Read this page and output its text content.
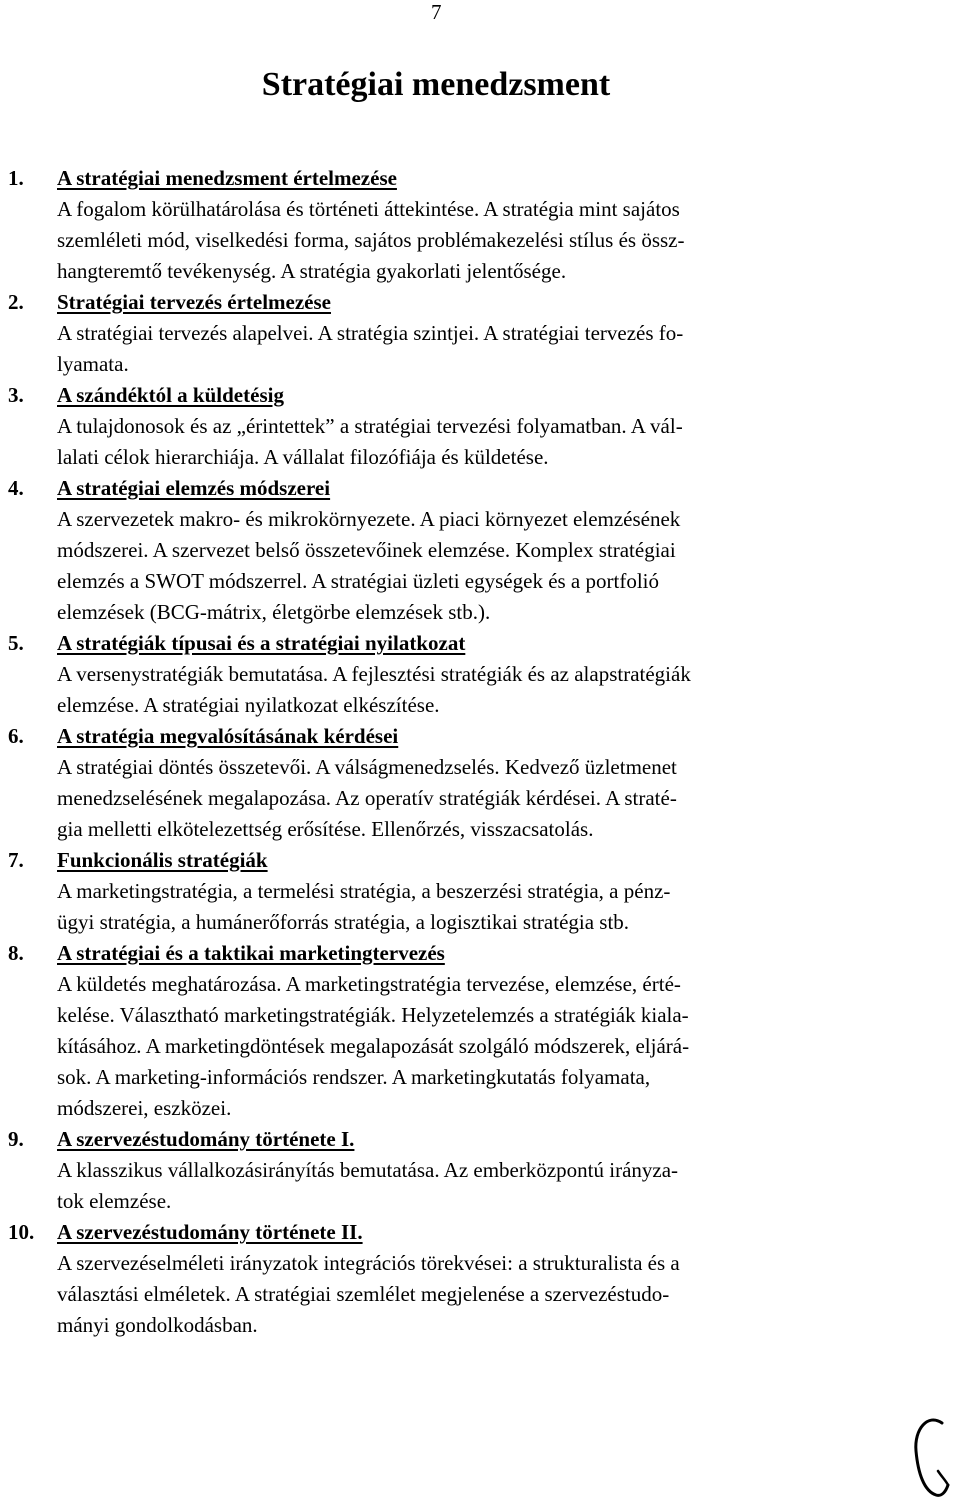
7
Stratégiai menedzsment
1. A stratégiai menedzsment értelmezése
A fogalom körülhatárolása és történeti áttekintése. A stratégia mint sajátos
szemléleti mód, viselkedési forma, sajátos problémakezelési stílus és össz-
hangteremtő tevékenység. A stratégia gyakorlati jelentősége.
2. Stratégiai tervezés értelmezése
A stratégiai tervezés alapelvei. A stratégia szintjei. A stratégiai tervezés fo-
lyamata.
3. A szándéktól a küldetésig
A tulajdonosok és az „érintettek” a stratégiai tervezési folyamatban. A vál-
lalati célok hierarchiája. A vállalat filozófiája és küldetése.
4. A stratégiai elemzés módszerei
A szervezetek makro- és mikrokörnyezete. A piaci környezet elemzésének
módszerei. A szervezet belső összetevőinek elemzése. Komplex stratégiai
elemzés a SWOT módszerrel. A stratégiai üzleti egységek és a portfolió
elemzések (BCG-mátrix, életgörbe elemzések stb.).
5. A stratégiák típusai és a stratégiai nyilatkozat
A versenystratégiák bemutatása. A fejlesztési stratégiák és az alapstratégiák
elemzése. A stratégiai nyilatkozat elkészítése.
6. A stratégia megvalósításának kérdései
A stratégiai döntés összetevői. A válságmenedzselés. Kedvező üzletmenet
menedzselésének megalapozása. Az operatív stratégiák kérdései. A straté-
gia melletti elkötelezettség erősítése. Ellenőrzés, visszacsatolás.
7. Funkcionális stratégiák
A marketingstratégia, a termelési stratégia, a beszerzési stratégia, a pénz-
ügyi stratégia, a humánerőforrás stratégia, a logisztikai stratégia stb.
8. A stratégiai és a taktikai marketingtervezés
A küldetés meghatározása. A marketingstratégia tervezése, elemzése, érté-
kelése. Választható marketingstratégiák. Helyzetelemzés a stratégiák kiala-
kításához. A marketingdöntések megalapozását szolgáló módszerek, eljárá-
sok. A marketing-információs rendszer. A marketingkutatás folyamata,
módszerei, eszközei.
9. A szervezéstudomány története I.
A klasszikus vállalkozásirányítás bemutatása. Az emberközpontú irányza-
tok elemzése.
10. A szervezéstudomány története II.
A szervezéselméleti irányzatok integrációs törekvései: a strukturalista és a
választási elméletek. A stratégiai szemlélet megjelenése a szervezéstudo-
mányi gondolkodásban.
